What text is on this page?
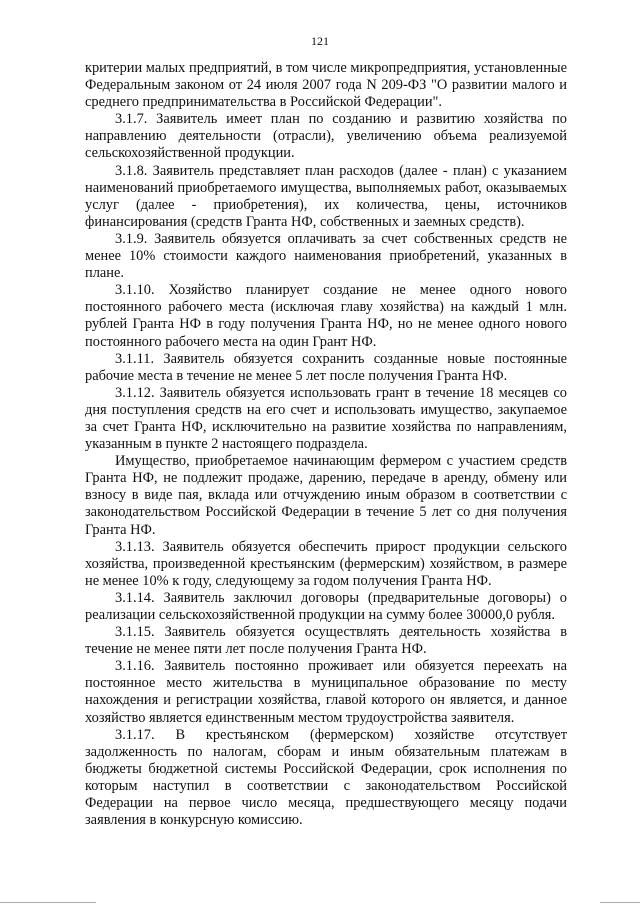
121

критерии малых предприятий, в том числе микропредприятия, установленные Федеральным законом от 24 июля 2007 года N 209-ФЗ "О развитии малого и среднего предпринимательства в Российской Федерации".

3.1.7. Заявитель имеет план по созданию и развитию хозяйства по направлению деятельности (отрасли), увеличению объема реализуемой сельскохозяйственной продукции.

3.1.8. Заявитель представляет план расходов (далее - план) с указанием наименований приобретаемого имущества, выполняемых работ, оказываемых услуг (далее - приобретения), их количества, цены, источников финансирования (средств Гранта НФ, собственных и заемных средств).

3.1.9. Заявитель обязуется оплачивать за счет собственных средств не менее 10% стоимости каждого наименования приобретений, указанных в плане.

3.1.10. Хозяйство планирует создание не менее одного нового постоянного рабочего места (исключая главу хозяйства) на каждый 1 млн. рублей Гранта НФ в году получения Гранта НФ, но не менее одного нового постоянного рабочего места на один Грант НФ.

3.1.11. Заявитель обязуется сохранить созданные новые постоянные рабочие места в течение не менее 5 лет после получения Гранта НФ.

3.1.12. Заявитель обязуется использовать грант в течение 18 месяцев со дня поступления средств на его счет и использовать имущество, закупаемое за счет Гранта НФ, исключительно на развитие хозяйства по направлениям, указанным в пункте 2 настоящего подраздела.

Имущество, приобретаемое начинающим фермером с участием средств Гранта НФ, не подлежит продаже, дарению, передаче в аренду, обмену или взносу в виде пая, вклада или отчуждению иным образом в соответствии с законодательством Российской Федерации в течение 5 лет со дня получения Гранта НФ.

3.1.13. Заявитель обязуется обеспечить прирост продукции сельского хозяйства, произведенной крестьянским (фермерским) хозяйством, в размере не менее 10% к году, следующему за годом получения Гранта НФ.

3.1.14. Заявитель заключил договоры (предварительные договоры) о реализации сельскохозяйственной продукции на сумму более 30000,0 рубля.

3.1.15. Заявитель обязуется осуществлять деятельность хозяйства в течение не менее пяти лет после получения Гранта НФ.

3.1.16. Заявитель постоянно проживает или обязуется переехать на постоянное место жительства в муниципальное образование по месту нахождения и регистрации хозяйства, главой которого он является, и данное хозяйство является единственным местом трудоустройства заявителя.

3.1.17. В крестьянском (фермерском) хозяйстве отсутствует задолженность по налогам, сборам и иным обязательным платежам в бюджеты бюджетной системы Российской Федерации, срок исполнения по которым наступил в соответствии с законодательством Российской Федерации на первое число месяца, предшествующего месяцу подачи заявления в конкурсную комиссию.
